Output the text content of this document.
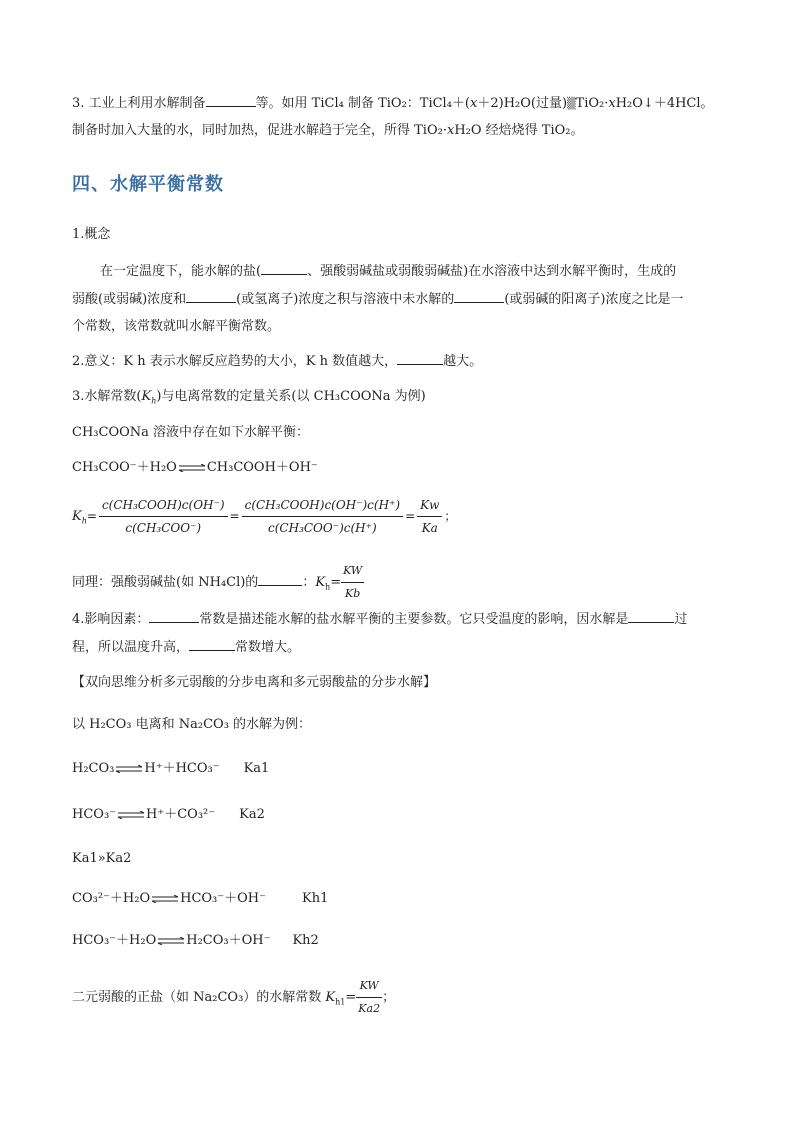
3. 工业上利用水解制备	等。如用 TiCl₄ 制备 TiO₂：TiCl₄＋(x＋2)H₂O(过量)▒TiO₂·xH₂O↓＋4HCl。
制备时加入大量的水，同时加热，促进水解趋于完全，所得 TiO₂·xH₂O 经焙烧得 TiO₂。
四、水解平衡常数
1.概念
在一定温度下，能水解的盐(	、强酸弱碱盐或弱酸弱碱盐)在水溶液中达到水解平衡时，生成的
弱酸(或弱碱)浓度和	(或氢离子)浓度之积与溶液中未水解的	(或弱碱的阳离子)浓度之比是一
个常数，该常数就叫水解平衡常数。
2.意义：K h 表示水解反应趋势的大小，K h 数值越大，	越大。
3.水解常数$(K_h)$与电离常数的定量关系(以 CH₃COONa 为例)
CH₃COONa 溶液中存在如下水解平衡：
CH₃COO⁻＋H₂O⇌CH₃COOH＋OH⁻
$K_h= \frac{\text{c(CH₃COOH)c(OH⁻)}}{\text{c(CH₃COO⁻)}} = \frac{\text{c(CH₃COOH)c(OH⁻)c(H⁺)}}{\text{c(CH₃COO⁻)c(H⁺)}} = \frac{Kw}{Ka}$ ；
同理：强酸弱碱盐(如 NH₄Cl)的	：$K_h= \frac{KW}{Kb}$
4.影响因素：	常数是描述能水解的盐水解平衡的主要参数。它只受温度的影响，因水解是	过
程，所以温度升高，	常数增大。
【双向思维分析多元弱酸的分步电离和多元弱酸盐的分步水解】
以 H₂CO₃ 电离和 Na₂CO₃ 的水解为例：
H₂CO₃⇌H⁺＋HCO₃⁻ Ka1
HCO₃⁻⇌H⁺＋CO₃²⁻ Ka2
Ka1»Ka2
CO₃²⁻＋H₂O⇌HCO₃⁻＋OH⁻	Kh1
HCO₃⁻＋H₂O⇌H₂CO₃＋OH⁻ Kh2
二元弱酸的正盐（如 Na₂CO₃）的水解常数 $K_{h1}= \frac{KW}{Ka2}$ ；
